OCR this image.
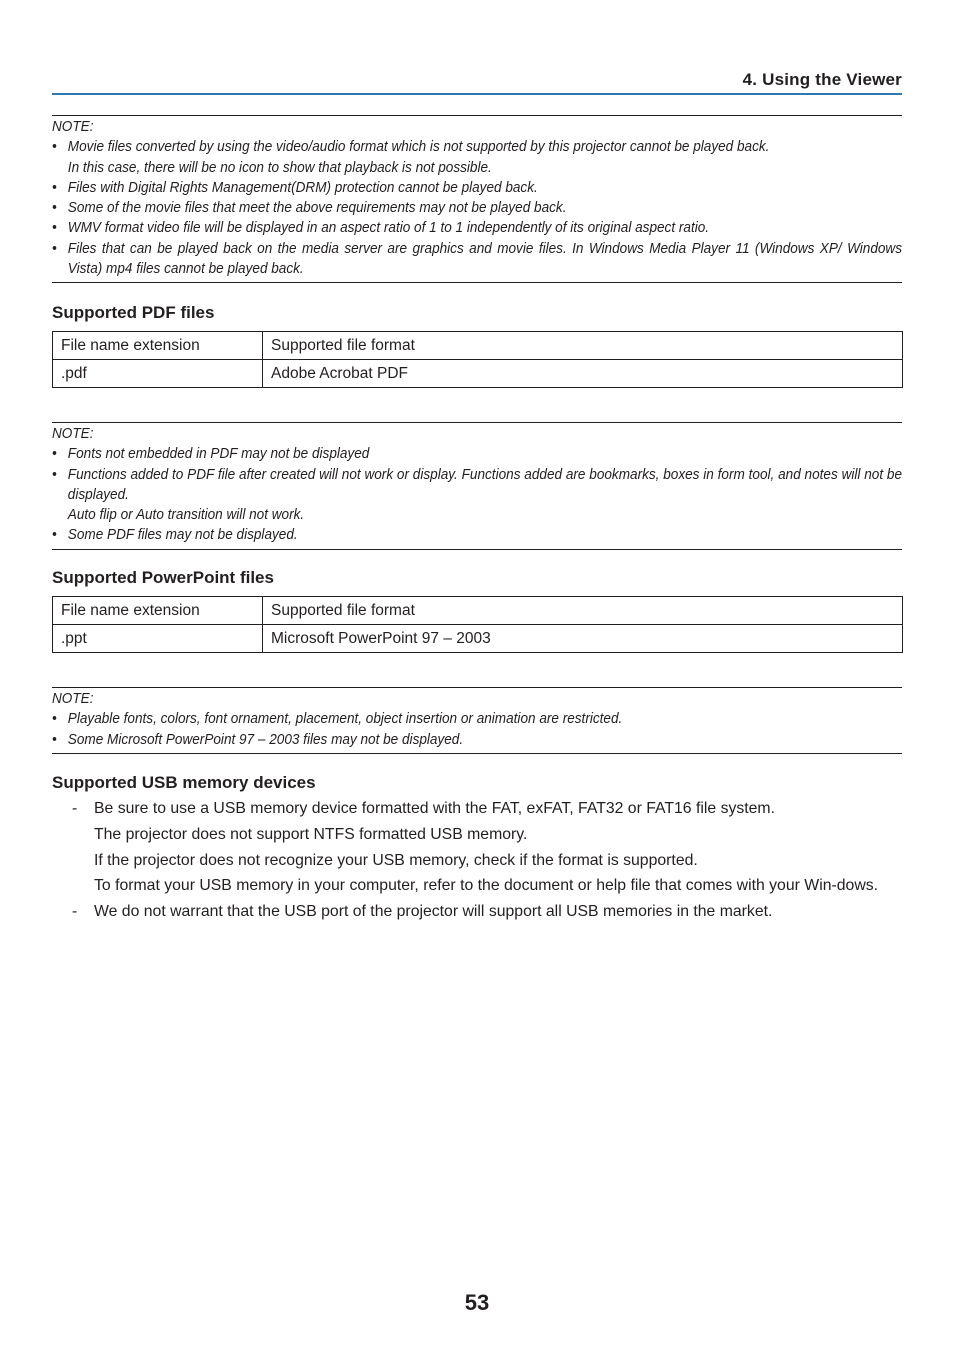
4. Using the Viewer
NOTE:
• Movie files converted by using the video/audio format which is not supported by this projector cannot be played back.
In this case, there will be no icon to show that playback is not possible.
• Files with Digital Rights Management(DRM) protection cannot be played back.
• Some of the movie files that meet the above requirements may not be played back.
• WMV format video file will be displayed in an aspect ratio of 1 to 1 independently of its original aspect ratio.
• Files that can be played back on the media server are graphics and movie files. In Windows Media Player 11 (Windows XP/ Windows Vista) mp4 files cannot be played back.
Supported PDF files
File name extension	Supported file format
.pdf	Adobe Acrobat PDF
NOTE:
• Fonts not embedded in PDF may not be displayed
• Functions added to PDF file after created will not work or display. Functions added are bookmarks, boxes in form tool, and notes will not be displayed.
Auto flip or Auto transition will not work.
• Some PDF files may not be displayed.
Supported PowerPoint files
File name extension	Supported file format
.ppt	Microsoft PowerPoint 97 – 2003
NOTE:
• Playable fonts, colors, font ornament, placement, object insertion or animation are restricted.
• Some Microsoft PowerPoint 97 – 2003 files may not be displayed.
Supported USB memory devices
- Be sure to use a USB memory device formatted with the FAT, exFAT, FAT32 or FAT16 file system.

The projector does not support NTFS formatted USB memory.

If the projector does not recognize your USB memory, check if the format is supported.

To format your USB memory in your computer, refer to the document or help file that comes with your Win-dows.

- We do not warrant that the USB port of the projector will support all USB memories in the market.

53
